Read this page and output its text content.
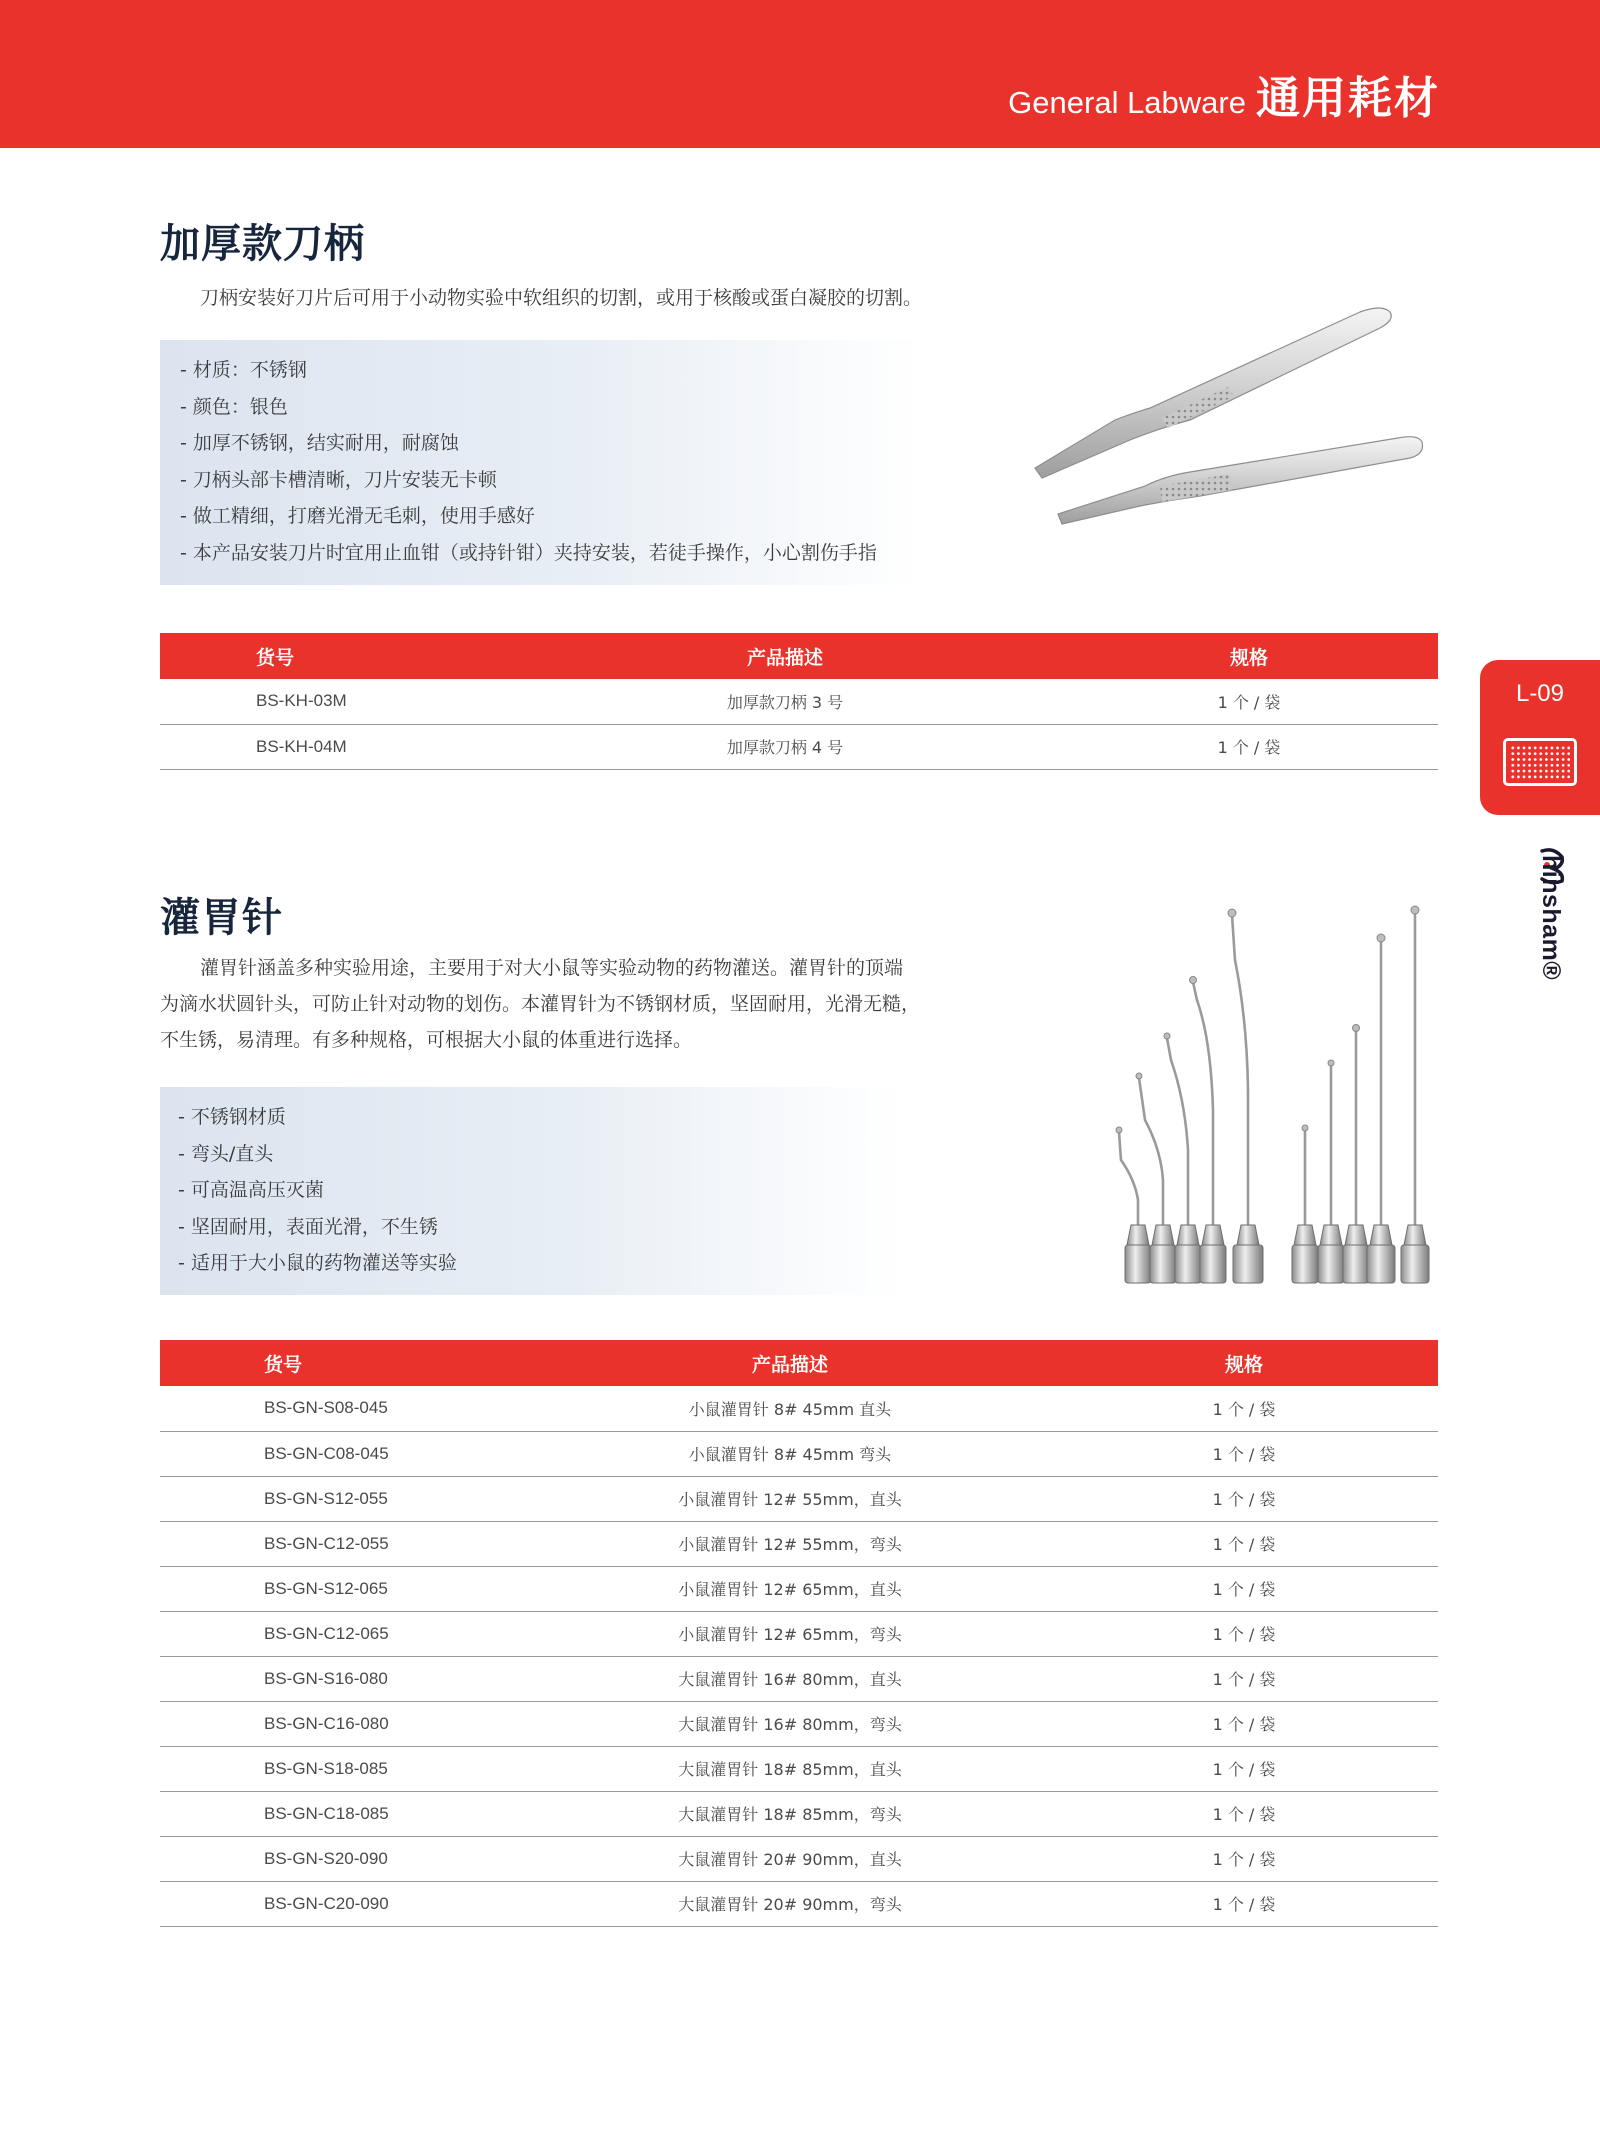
General Labware 通用耗材
L-09
hinsham®
加厚款刀柄

刀柄安装好刀片后可用于小动物实验中软组织的切割，或用于核酸或蛋白凝胶的切割。

- 材质：不锈钢
- 颜色：银色
- 加厚不锈钢，结实耐用，耐腐蚀
- 刀柄头部卡槽清晰，刀片安装无卡顿
- 做工精细，打磨光滑无毛刺，使用手感好
- 本产品安装刀片时宜用止血钳（或持针钳）夹持安装，若徒手操作，小心割伤手指
货号	产品描述	规格
BS-KH-03M	加厚款刀柄 3 号	1 个 / 袋
BS-KH-04M	加厚款刀柄 4 号	1 个 / 袋
灌胃针

灌胃针涵盖多种实验用途，主要用于对大小鼠等实验动物的药物灌送。灌胃针的顶端为滴水状圆针头，可防止针对动物的划伤。本灌胃针为不锈钢材质，坚固耐用，光滑无糙，不生锈，易清理。有多种规格，可根据大小鼠的体重进行选择。

- 不锈钢材质
- 弯头/直头
- 可高温高压灭菌
- 坚固耐用，表面光滑，不生锈
- 适用于大小鼠的药物灌送等实验
货号	产品描述	规格
BS-GN-S08-045	小鼠灌胃针 8# 45mm 直头	1 个 / 袋
BS-GN-C08-045	小鼠灌胃针 8# 45mm 弯头	1 个 / 袋
BS-GN-S12-055	小鼠灌胃针 12# 55mm，直头	1 个 / 袋
BS-GN-C12-055	小鼠灌胃针 12# 55mm，弯头	1 个 / 袋
BS-GN-S12-065	小鼠灌胃针 12# 65mm，直头	1 个 / 袋
BS-GN-C12-065	小鼠灌胃针 12# 65mm，弯头	1 个 / 袋
BS-GN-S16-080	大鼠灌胃针 16# 80mm，直头	1 个 / 袋
BS-GN-C16-080	大鼠灌胃针 16# 80mm，弯头	1 个 / 袋
BS-GN-S18-085	大鼠灌胃针 18# 85mm，直头	1 个 / 袋
BS-GN-C18-085	大鼠灌胃针 18# 85mm，弯头	1 个 / 袋
BS-GN-S20-090	大鼠灌胃针 20# 90mm，直头	1 个 / 袋
BS-GN-C20-090	大鼠灌胃针 20# 90mm，弯头	1 个 / 袋
